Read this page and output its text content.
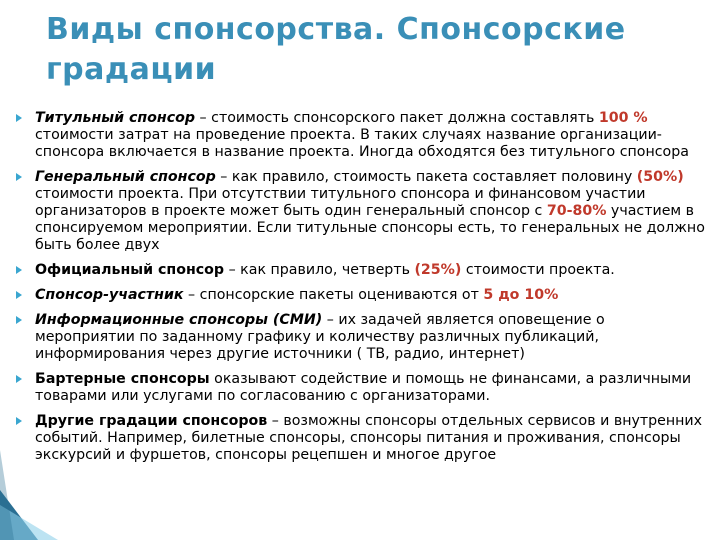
Виды спонсорства. Спонсорские градации
Титульный спонсор – стоимость спонсорского пакет должна составлять 100 % стоимости затрат на проведение проекта. В таких случаях название организации-спонсора включается в название проекта. Иногда обходятся без титульного спонсора
Генеральный спонсор – как правило, стоимость пакета составляет половину (50%) стоимости проекта. При отсутствии титульного спонсора и финансовом участии организаторов в проекте может быть один генеральный спонсор с 70-80% участием в спонсируемом мероприятии. Если титульные спонсоры есть, то генеральных не должно быть более двух
Официальный спонсор – как правило, четверть (25%) стоимости проекта.
Спонсор-участник – спонсорские пакеты оцениваются от 5 до 10%
Информационные спонсоры (СМИ) – их задачей является оповещение о мероприятии по заданному графику и количеству различных публикаций, информирования через другие источники ( ТВ, радио, интернет)
Бартерные спонсоры оказывают содействие и помощь не финансами, а различными товарами или услугами по согласованию с организаторами.
Другие градации спонсоров – возможны спонсоры отдельных сервисов и внутренних событий. Например, билетные спонсоры, спонсоры питания и проживания, спонсоры экскурсий и фуршетов, спонсоры рецепшен и многое другое
